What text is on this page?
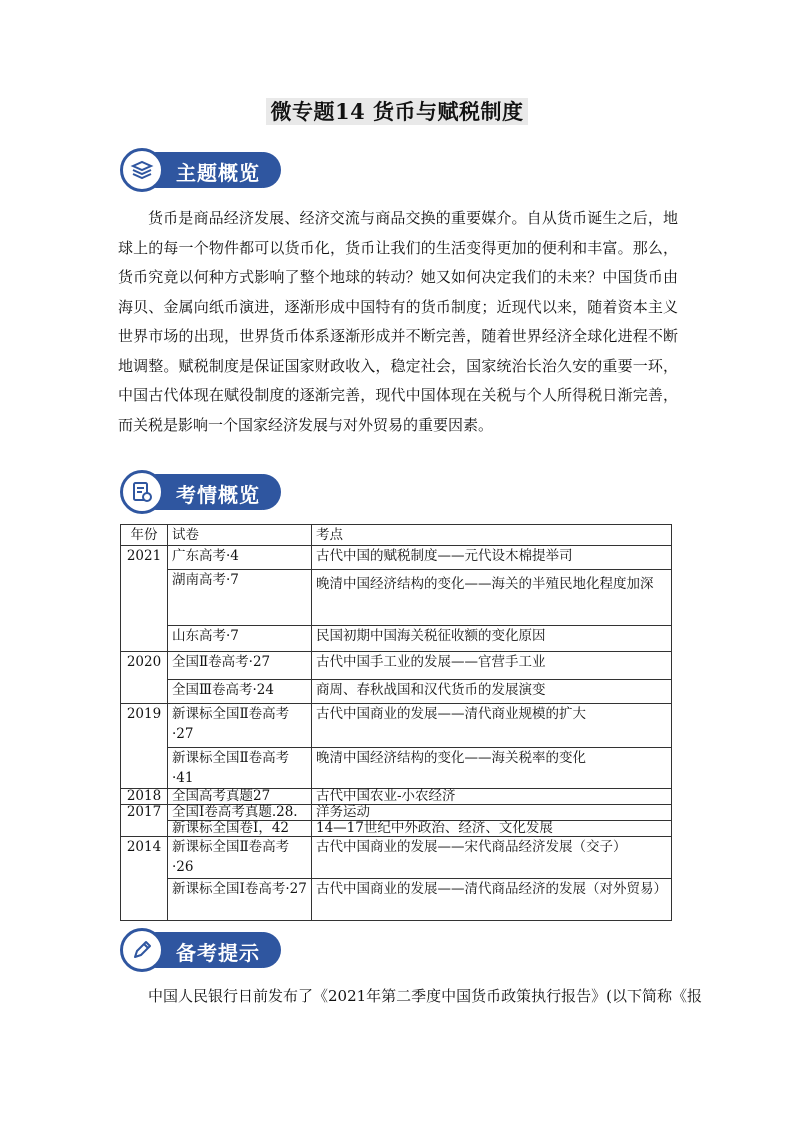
微专题14 货币与赋税制度
主题概览

货币是商品经济发展、经济交流与商品交换的重要媒介。自从货币诞生之后，地球上的每一个物件都可以货币化，货币让我们的生活变得更加的便利和丰富。那么，货币究竟以何种方式影响了整个地球的转动？她又如何决定我们的未来？中国货币由海贝、金属向纸币演进，逐渐形成中国特有的货币制度；近现代以来，随着资本主义世界市场的出现，世界货币体系逐渐形成并不断完善，随着世界经济全球化进程不断地调整。赋税制度是保证国家财政收入，稳定社会，国家统治长治久安的重要一环，中国古代体现在赋役制度的逐渐完善，现代中国体现在关税与个人所得税日渐完善，而关税是影响一个国家经济发展与对外贸易的重要因素。

考情概览
年份	试卷	考点
2021	广东高考·4	古代中国的赋税制度——元代设木棉提举司
	湖南高考·7	晚清中国经济结构的变化——海关的半殖民地化程度加深
	山东高考·7	民国初期中国海关税征收额的变化原因
2020	全国Ⅱ卷高考·27	古代中国手工业的发展——官营手工业
	全国Ⅲ卷高考·24	商周、春秋战国和汉代货币的发展演变
2019	新课标全国Ⅱ卷高考·27	古代中国商业的发展——清代商业规模的扩大
	新课标全国Ⅱ卷高考·41	晚清中国经济结构的变化——海关税率的变化
2018	全国高考真题27	古代中国农业-小农经济
2017	全国I卷高考真题.28.	洋务运动
	新课标全国卷Ⅰ，42	14—17世纪中外政治、经济、文化发展
2014	新课标全国Ⅱ卷高考·26	古代中国商业的发展——宋代商品经济发展（交子）
	新课标全国Ⅰ卷高考·27	古代中国商业的发展——清代商品经济的发展（对外贸易）
备考提示

中国人民银行日前发布了《2021年第二季度中国货币政策执行报告》(以下简称《报
